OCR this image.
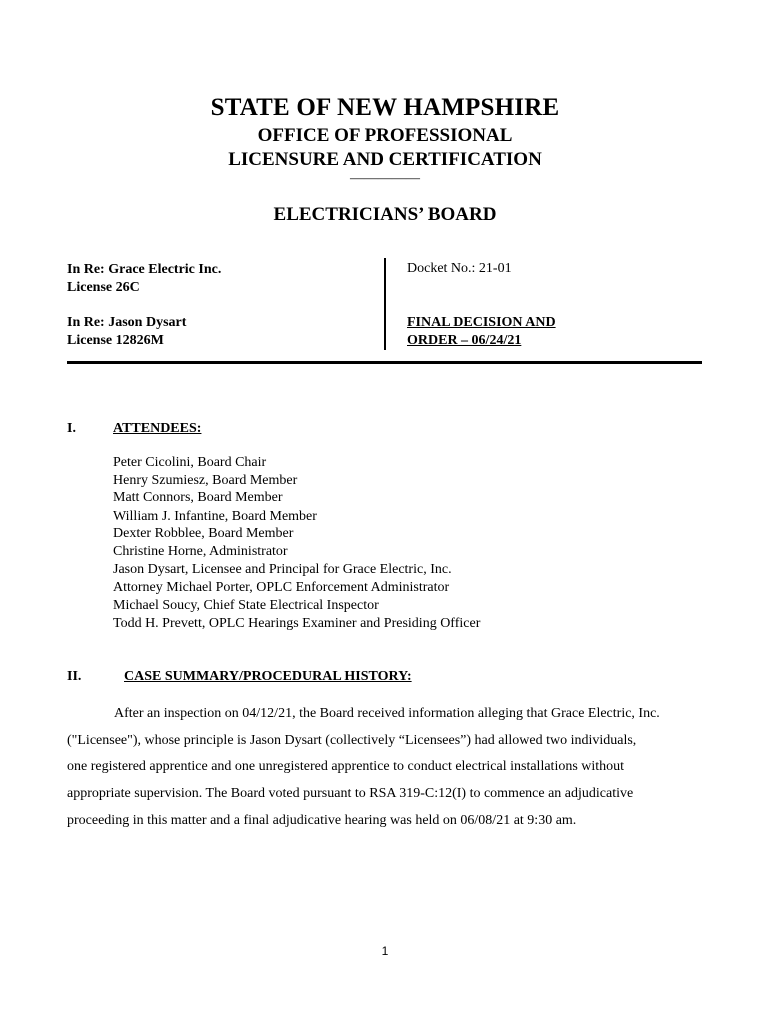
STATE OF NEW HAMPSHIRE
OFFICE OF PROFESSIONAL
LICENSURE AND CERTIFICATION
—————
ELECTRICIANS’ BOARD
In Re: Grace Electric Inc.
License 26C
In Re: Jason Dysart
License 12826M
Docket No.: 21-01
FINAL DECISION AND
ORDER – 06/24/21
I.	ATTENDEES:
Peter Cicolini, Board Chair
Henry Szumiesz, Board Member
Matt Connors, Board Member
William J. Infantine, Board Member
Dexter Robblee, Board Member
Christine Horne, Administrator
Jason Dysart, Licensee and Principal for Grace Electric, Inc.
Attorney Michael Porter, OPLC Enforcement Administrator
Michael Soucy, Chief State Electrical Inspector
Todd H. Prevett, OPLC Hearings Examiner and Presiding Officer
II.	CASE SUMMARY/PROCEDURAL HISTORY:
After an inspection on 04/12/21, the Board received information alleging that Grace Electric, Inc.
("Licensee"), whose principle is Jason Dysart (collectively “Licensees”) had allowed two individuals,
one registered apprentice and one unregistered apprentice to conduct electrical installations without
appropriate supervision. The Board voted pursuant to RSA 319-C:12(I) to commence an adjudicative
proceeding in this matter and a final adjudicative hearing was held on 06/08/21 at 9:30 am.
1
